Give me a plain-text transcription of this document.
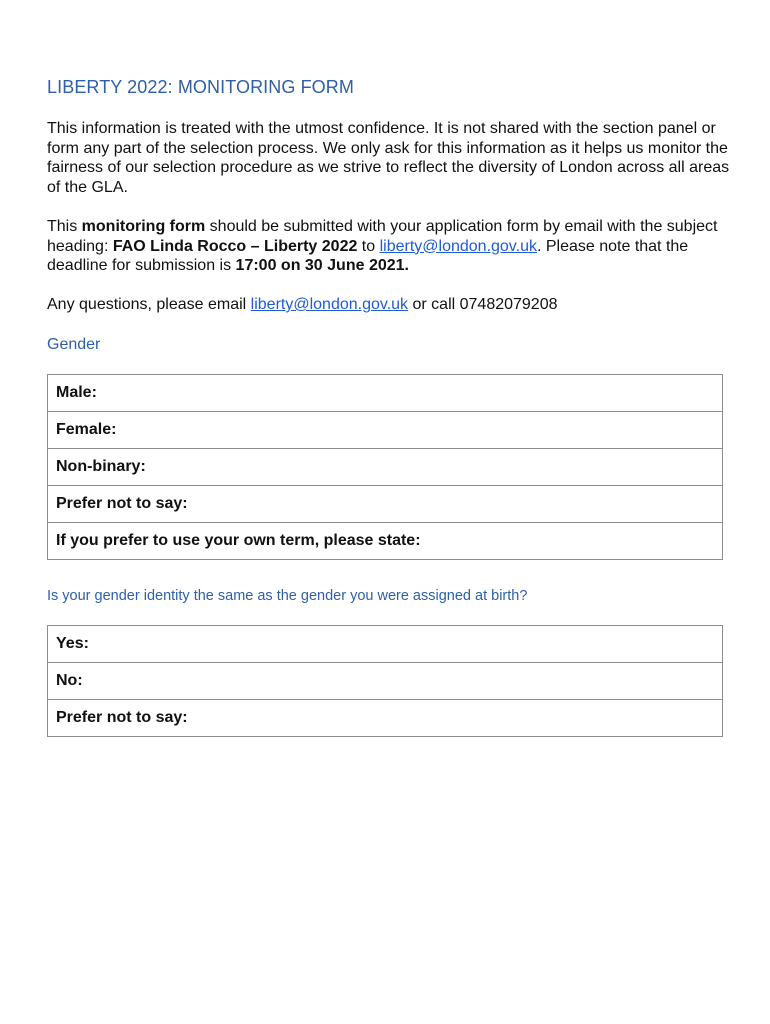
LIBERTY 2022: MONITORING FORM
This information is treated with the utmost confidence. It is not shared with the section panel or form any part of the selection process. We only ask for this information as it helps us monitor the fairness of our selection procedure as we strive to reflect the diversity of London across all areas of the GLA.
This monitoring form should be submitted with your application form by email with the subject heading: FAO Linda Rocco – Liberty 2022 to liberty@london.gov.uk. Please note that the deadline for submission is 17:00 on 30 June 2021.
Any questions, please email liberty@london.gov.uk or call 07482079208
Gender
Male:
Female:
Non-binary:
Prefer not to say:
If you prefer to use your own term, please state:
Is your gender identity the same as the gender you were assigned at birth?
Yes:
No:
Prefer not to say:
